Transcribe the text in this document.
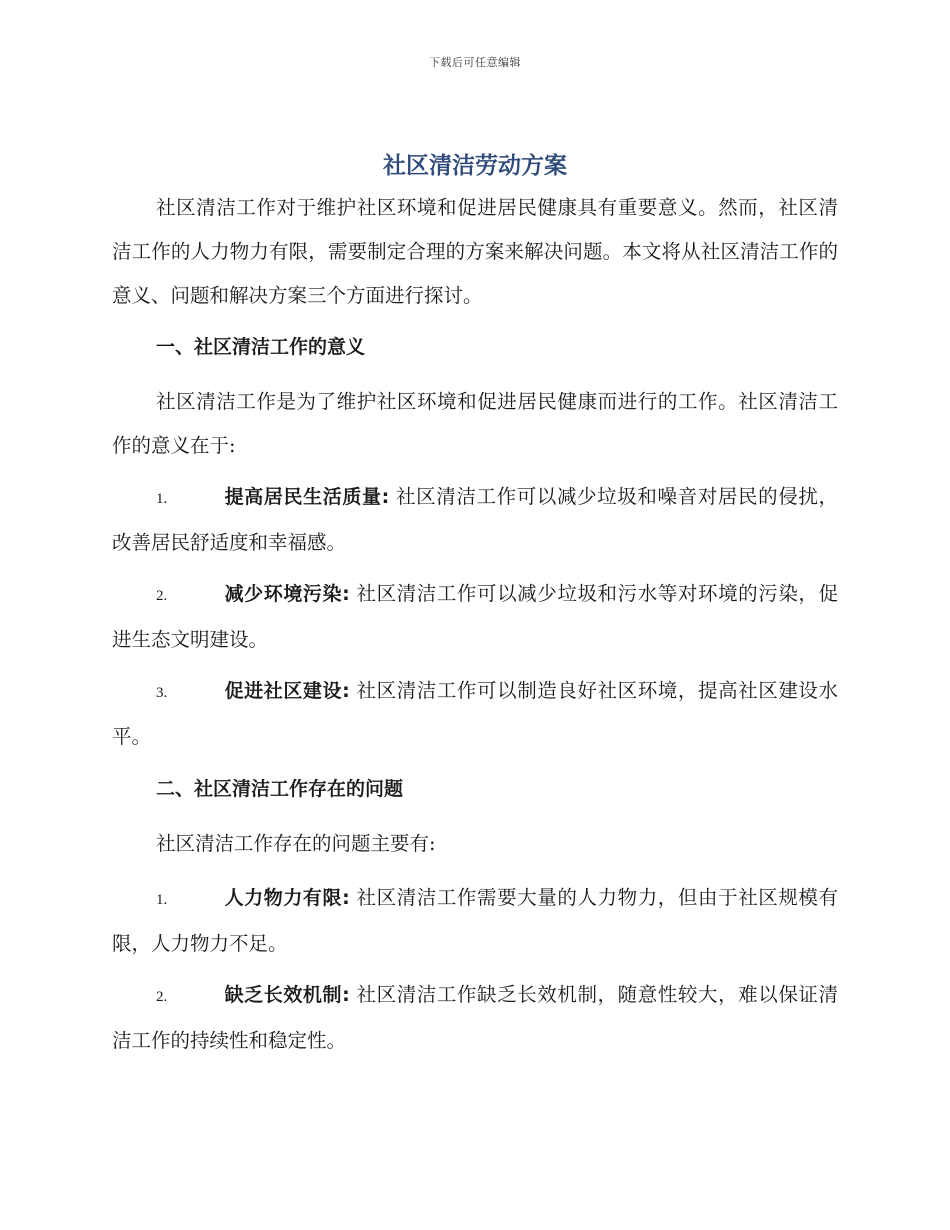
下载后可任意编辑
社区清洁劳动方案

社区清洁工作对于维护社区环境和促进居民健康具有重要意义。然而，社区清洁工作的人力物力有限，需要制定合理的方案来解决问题。本文将从社区清洁工作的意义、问题和解决方案三个方面进行探讨。

一、社区清洁工作的意义

社区清洁工作是为了维护社区环境和促进居民健康而进行的工作。社区清洁工作的意义在于:

1.	提高居民生活质量: 社区清洁工作可以减少垃圾和噪音对居民的侵扰，改善居民舒适度和幸福感。

2.	减少环境污染: 社区清洁工作可以减少垃圾和污水等对环境的污染，促进生态文明建设。

3.	促进社区建设: 社区清洁工作可以制造良好社区环境，提高社区建设水平。

二、社区清洁工作存在的问题

社区清洁工作存在的问题主要有:

1.	人力物力有限: 社区清洁工作需要大量的人力物力，但由于社区规模有限，人力物力不足。

2.	缺乏长效机制: 社区清洁工作缺乏长效机制，随意性较大，难以保证清洁工作的持续性和稳定性。
